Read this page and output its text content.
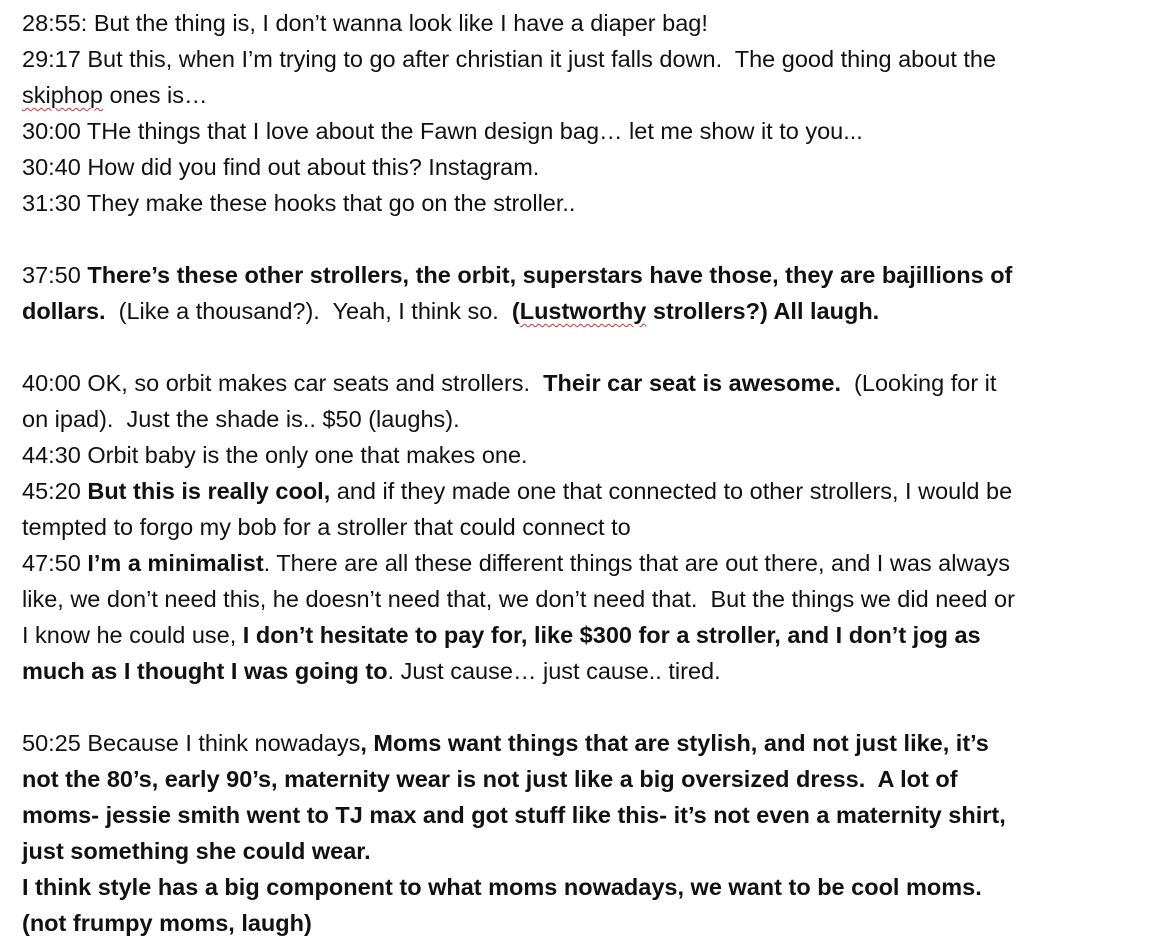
28:55: But the thing is, I don’t wanna look like I have a diaper bag!
29:17 But this, when I’m trying to go after christian it just falls down.  The good thing about the
skiphop ones is…
30:00 THe things that I love about the Fawn design bag… let me show it to you...
30:40 How did you find out about this? Instagram.
31:30 They make these hooks that go on the stroller..
37:50 There’s these other strollers, the orbit, superstars have those, they are bajillions of
dollars.  (Like a thousand?).  Yeah, I think so.  (Lustworthy strollers?) All laugh.
40:00 OK, so orbit makes car seats and strollers.  Their car seat is awesome.  (Looking for it
on ipad).  Just the shade is.. $50 (laughs).
44:30 Orbit baby is the only one that makes one.
45:20 But this is really cool, and if they made one that connected to other strollers, I would be
tempted to forgo my bob for a stroller that could connect to
47:50 I’m a minimalist. There are all these different things that are out there, and I was always
like, we don’t need this, he doesn’t need that, we don’t need that.  But the things we did need or
I know he could use, I don’t hesitate to pay for, like $300 for a stroller, and I don’t jog as
much as I thought I was going to. Just cause… just cause.. tired.
50:25 Because I think nowadays, Moms want things that are stylish, and not just like, it’s
not the 80’s, early 90’s, maternity wear is not just like a big oversized dress.  A lot of
moms- jessie smith went to TJ max and got stuff like this- it’s not even a maternity shirt,
just something she could wear.
I think style has a big component to what moms nowadays, we want to be cool moms.
(not frumpy moms, laugh)
